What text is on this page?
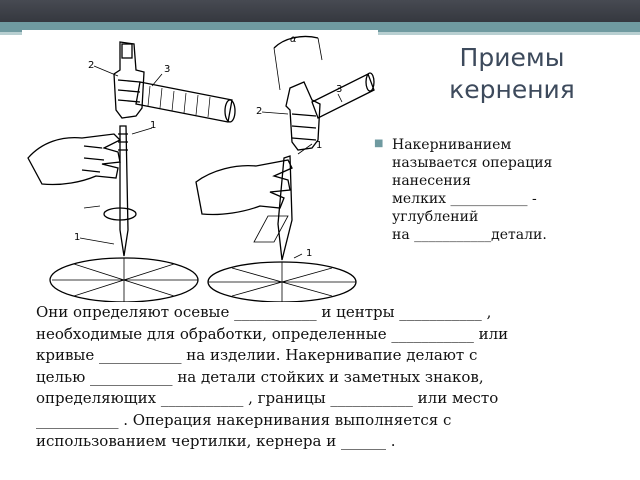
2	3
1
1
α
2
3
1
1
Приемы
кернения
■ Накерниванием
называется операция
нанесения
мелких ___________ -
углублений
на ___________детали.
Они определяют осевые ___________ и центры ___________ ,
необходимые для обработки, определенные ___________ или
кривые ___________ на изделии. Накернивапие делают с
целью ___________ на детали стойких и заметных знаков,
определяющих ___________ , границы ___________ или место
___________ . Операция накернивания выполняется с
использованием чертилки, кернера и ______ .
